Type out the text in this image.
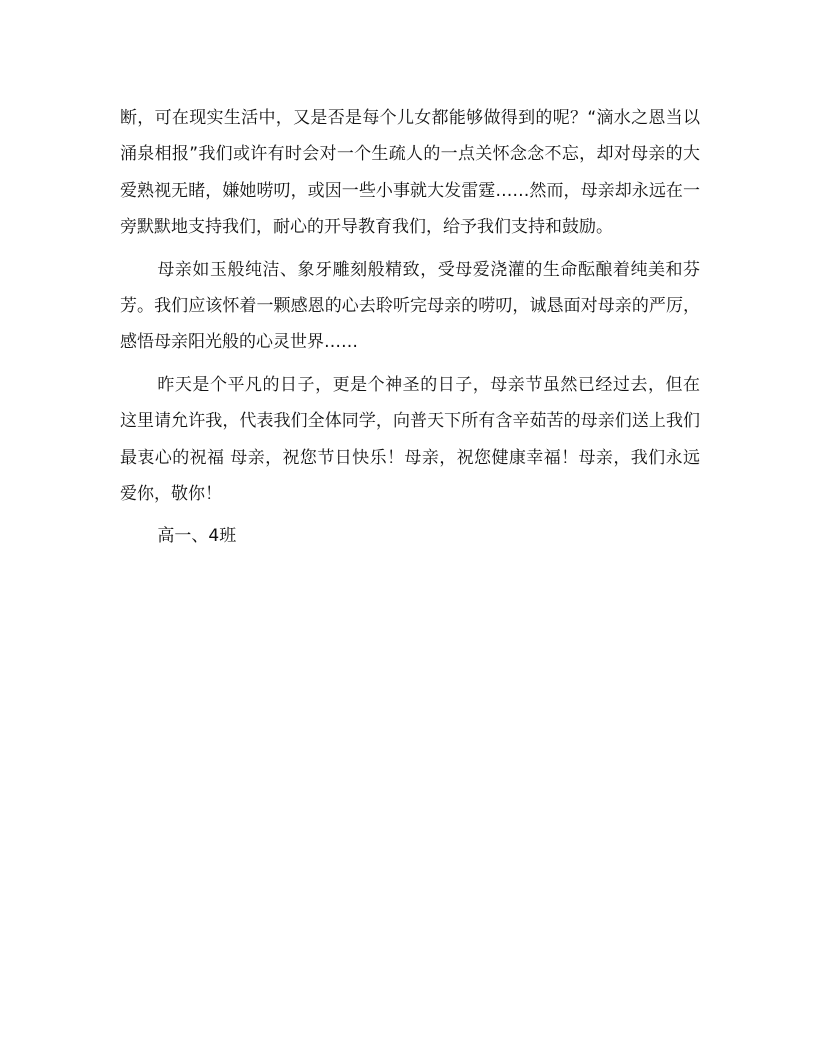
断，可在现实生活中，又是否是每个儿女都能够做得到的呢？“滴水之恩当以涌泉相报”我们或许有时会对一个生疏人的一点关怀念念不忘，却对母亲的大爱熟视无睹，嫌她唠叨，或因一些小事就大发雷霆……然而，母亲却永远在一旁默默地支持我们，耐心的开导教育我们，给予我们支持和鼓励。

母亲如玉般纯洁、象牙雕刻般精致，受母爱浇灌的生命酝酿着纯美和芬芳。我们应该怀着一颗感恩的心去聆听完母亲的唠叨，诚恳面对母亲的严厉，感悟母亲阳光般的心灵世界……

昨天是个平凡的日子，更是个神圣的日子，母亲节虽然已经过去，但在这里请允许我，代表我们全体同学，向普天下所有含辛茹苦的母亲们送上我们最衷心的祝福 母亲，祝您节日快乐！母亲，祝您健康幸福！母亲，我们永远爱你，敬你！

高一、4班
